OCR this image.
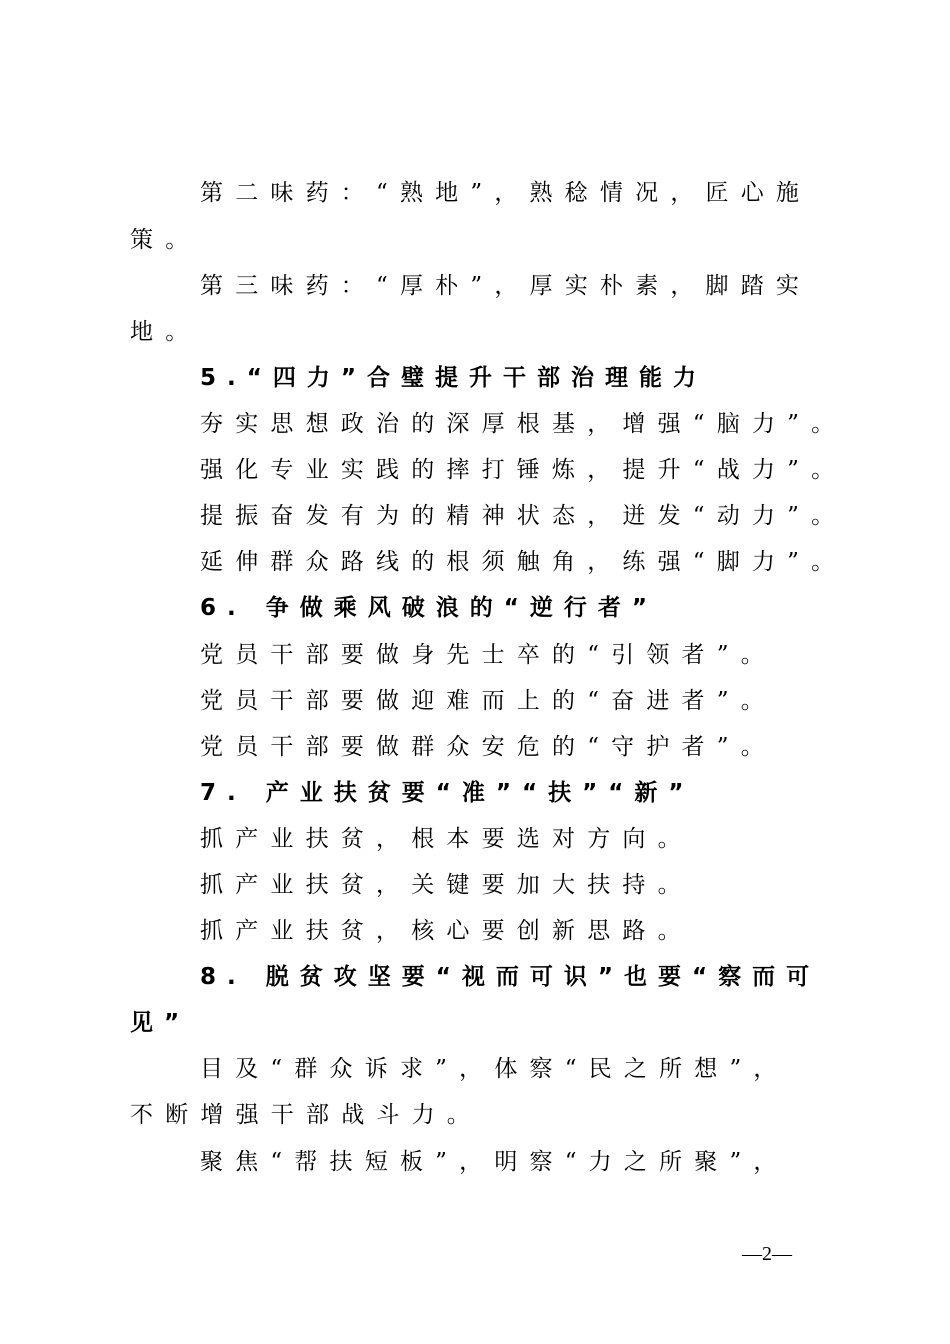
第二味药：“熟地”，熟稔情况，匠心施
策。
第三味药：“厚朴”，厚实朴素，脚踏实
地。
5.“四力”合璧提升干部治理能力
夯实思想政治的深厚根基，增强“脑力”。
强化专业实践的摔打锤炼，提升“战力”。
提振奋发有为的精神状态，迸发“动力”。
延伸群众路线的根须触角，练强“脚力”。
6. 争做乘风破浪的“逆行者”
党员干部要做身先士卒的“引领者”。
党员干部要做迎难而上的“奋进者”。
党员干部要做群众安危的“守护者”。
7. 产业扶贫要“准”“扶”“新”
抓产业扶贫，根本要选对方向。
抓产业扶贫，关键要加大扶持。
抓产业扶贫，核心要创新思路。
8. 脱贫攻坚要“视而可识”也要“察而可
见”
目及“群众诉求”，体察“民之所想”，
不断增强干部战斗力。
聚焦“帮扶短板”，明察“力之所聚”，
—2—
